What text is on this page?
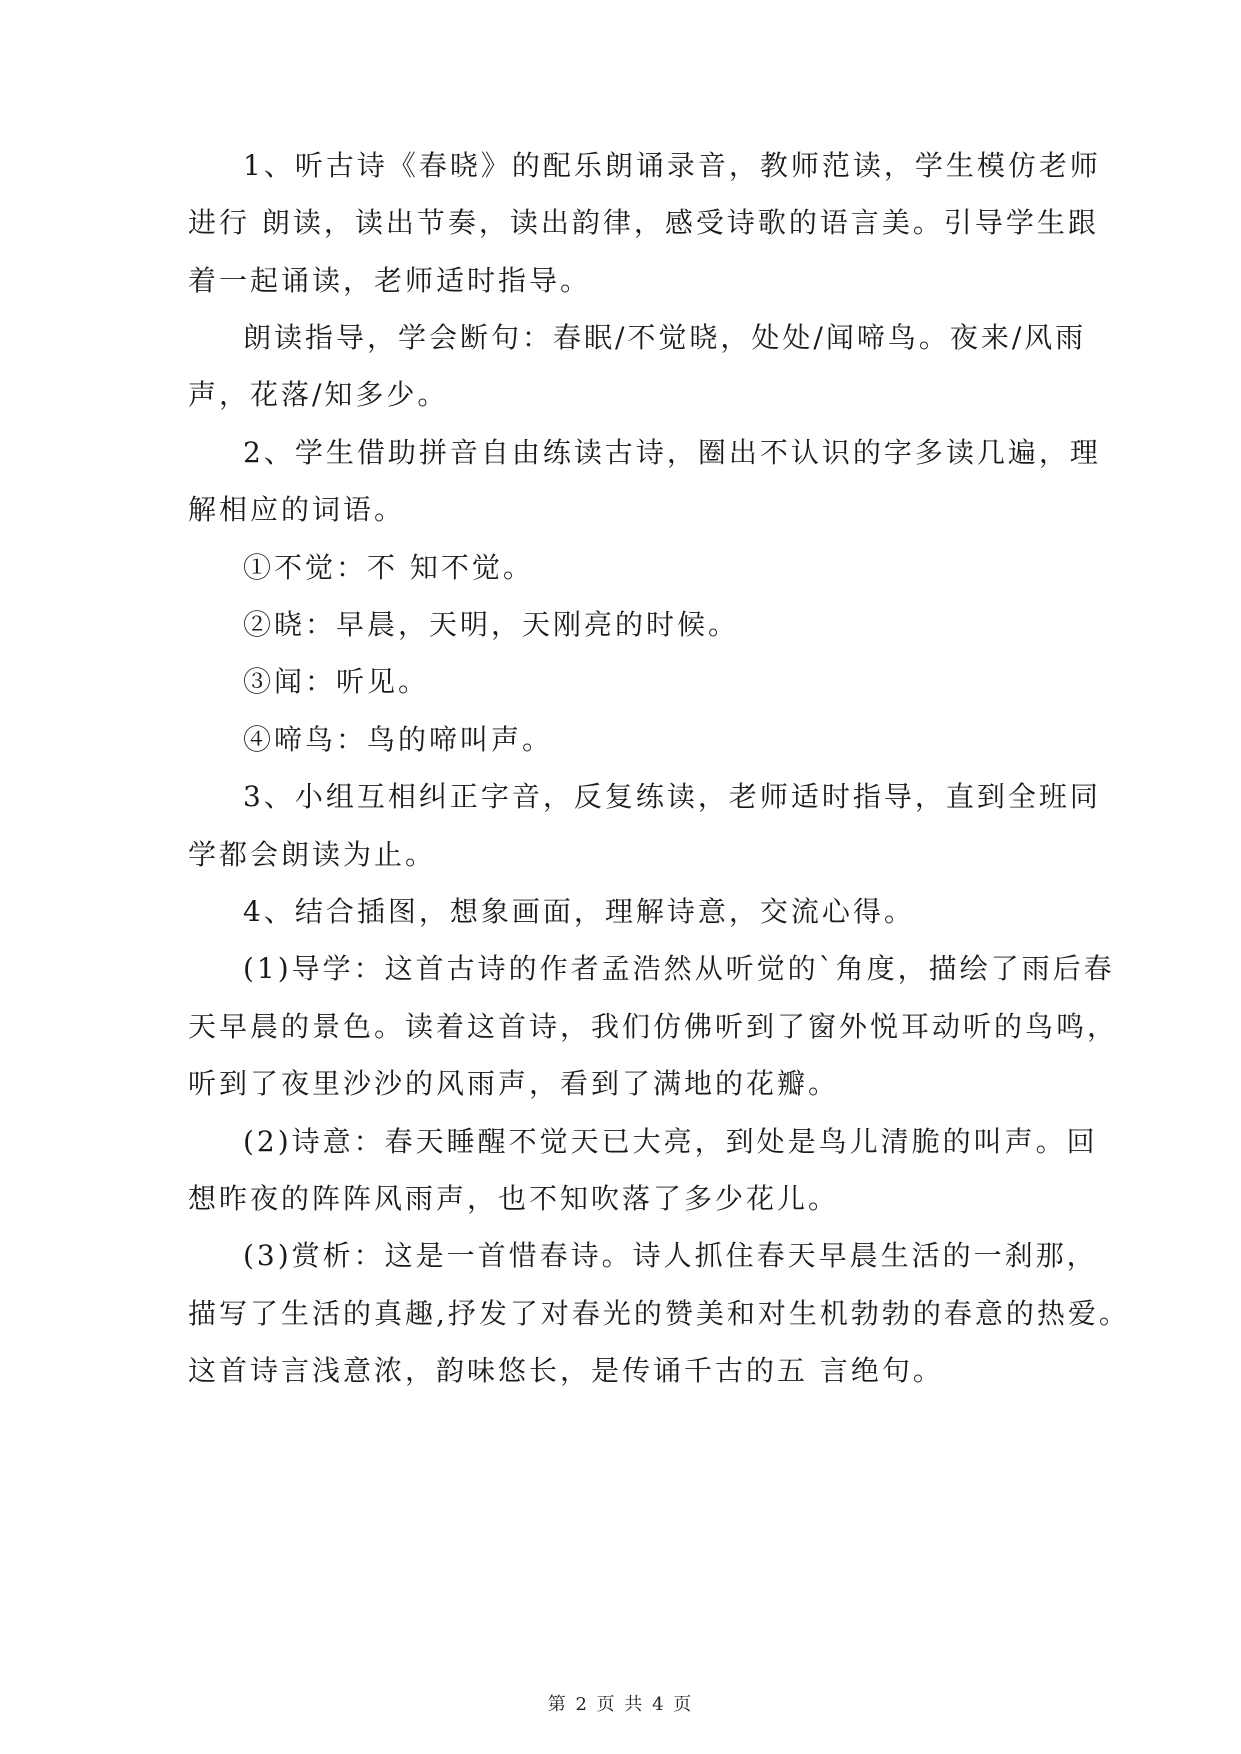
1、听古诗《春晓》的配乐朗诵录音，教师范读，学生模仿老师
进行 朗读，读出节奏，读出韵律，感受诗歌的语言美。引导学生跟
着一起诵读，老师适时指导。
朗读指导，学会断句：春眠/不觉晓，处处/闻啼鸟。夜来/风雨
声，花落/知多少。
2、学生借助拼音自由练读古诗，圈出不认识的字多读几遍，理
解相应的词语。
①不觉：不 知不觉。
②晓：早晨，天明，天刚亮的时候。
③闻：听见。
④啼鸟：鸟的啼叫声。
3、小组互相纠正字音，反复练读，老师适时指导，直到全班同
学都会朗读为止。
4、结合插图，想象画面，理解诗意，交流心得。
(1)导学：这首古诗的作者孟浩然从听觉的`角度，描绘了雨后春
天早晨的景色。读着这首诗，我们仿佛听到了窗外悦耳动听的鸟鸣，
听到了夜里沙沙的风雨声，看到了满地的花瓣。
(2)诗意：春天睡醒不觉天已大亮，到处是鸟儿清脆的叫声。回
想昨夜的阵阵风雨声，也不知吹落了多少花儿。
(3)赏析：这是一首惜春诗。诗人抓住春天早晨生活的一刹那，
描写了生活的真趣,抒发了对春光的赞美和对生机勃勃的春意的热爱。
这首诗言浅意浓，韵味悠长，是传诵千古的五 言绝句。
第 2 页 共 4 页
